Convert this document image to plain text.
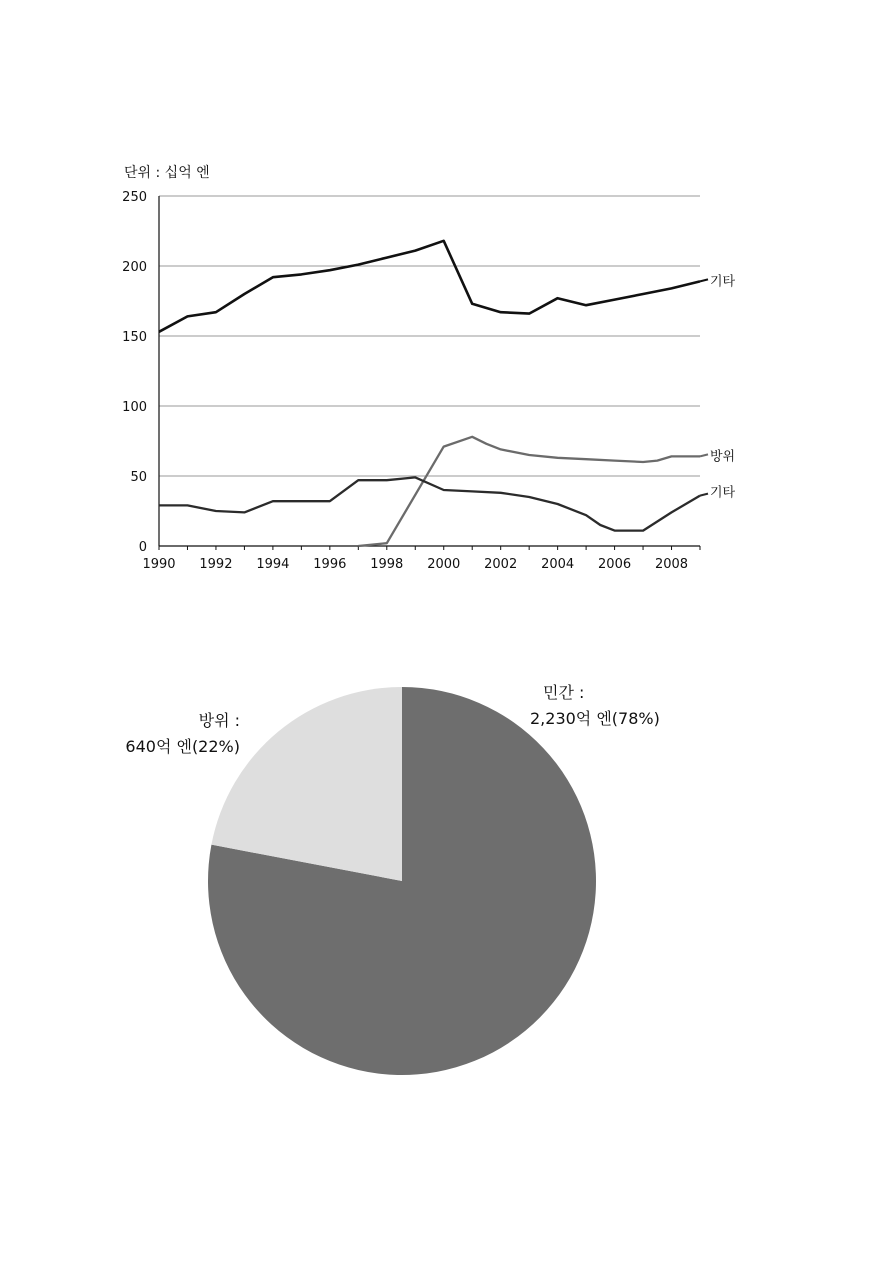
단위 : 십억 엔
0
50
100
150
200
250
1990 1992 1994 1996 1998 2000 2002 2004 2006 2008
기타
방위
기타
민간 :
2,230억 엔(78%)
방위 :
640억 엔(22%)
